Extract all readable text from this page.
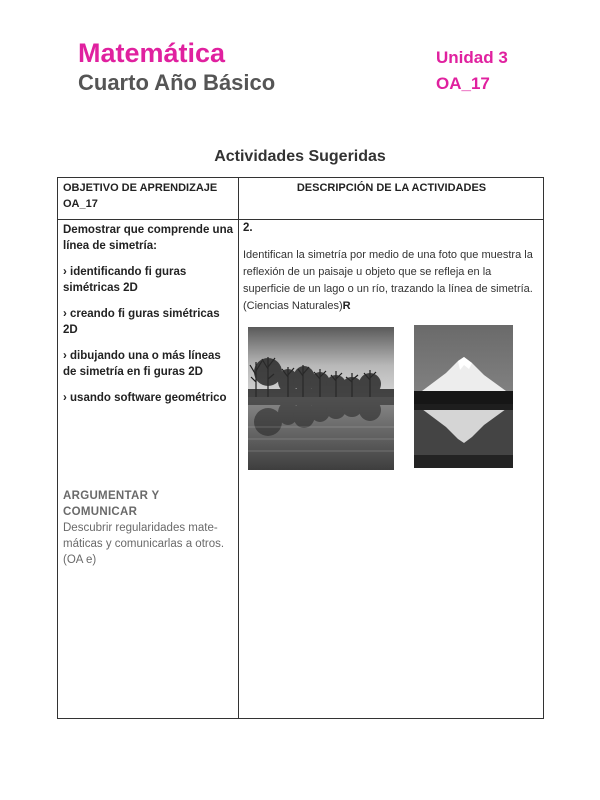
Matemática
Cuarto Año Básico
Unidad 3
OA_17
Actividades Sugeridas
OBJETIVO DE APRENDIZAJE OA_17
DESCRIPCIÓN DE LA ACTIVIDADES

Demostrar que comprende una línea de simetría:

› identificando fi guras simétricas 2D

› creando fi guras simétricas 2D

› dibujando una o más líneas de simetría en fi guras 2D

› usando software geométrico

ARGUMENTAR Y COMUNICAR
Descubrir regularidades mate-máticas y comunicarlas a otros. (OA e)
2.
Identifican la simetría por medio de una foto que muestra la reflexión de un paisaje u objeto que se refleja en la superficie de un lago o un río, trazando la línea de simetría. (Ciencias Naturales)R
